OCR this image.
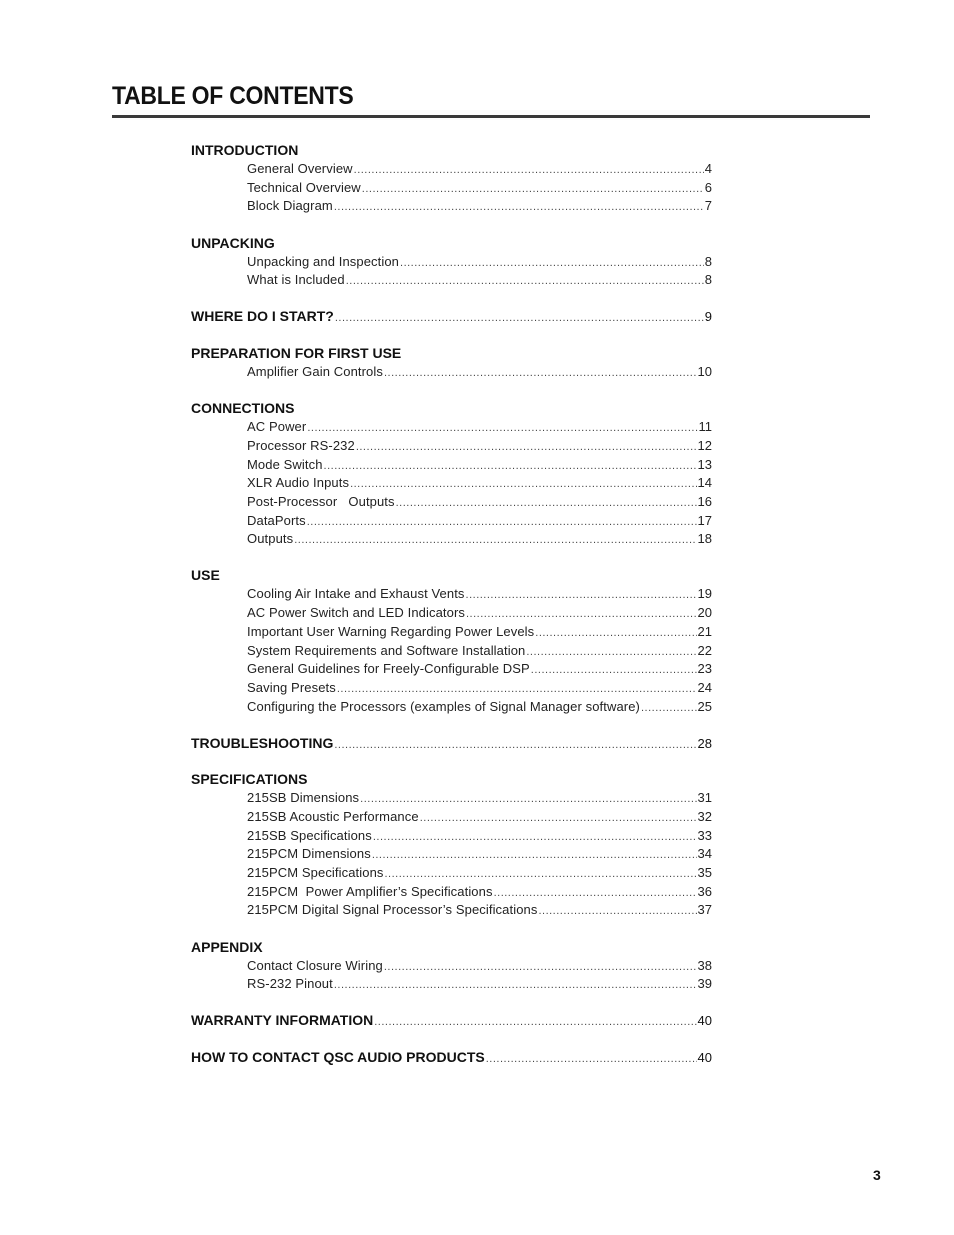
TABLE OF CONTENTS
INTRODUCTION
General Overview .....	4
Technical Overview .....	6
Block Diagram .....	7
UNPACKING
Unpacking and Inspection .....	8
What is Included .....	8
WHERE DO I START? .....	9
PREPARATION FOR FIRST USE
Amplifier Gain Controls .....	10
CONNECTIONS
AC Power .....	11
Processor RS-232 .....	12
Mode Switch .....	13
XLR Audio Inputs .....	14
Post-Processor   Outputs .....	16
DataPorts .....	17
Outputs .....	18
USE
Cooling Air Intake and Exhaust Vents .....	19
AC Power Switch and LED Indicators .....	20
Important User Warning Regarding Power Levels .....	21
System Requirements and Software Installation .....	22
General Guidelines for Freely-Configurable DSP .....	23
Saving Presets .....	24
Configuring the Processors (examples of Signal Manager software) .....	25
TROUBLESHOOTING .....	28
SPECIFICATIONS
215SB Dimensions .....	31
215SB Acoustic Performance .....	32
215SB Specifications .....	33
215PCM Dimensions .....	34
215PCM Specifications .....	35
215PCM  Power Amplifier’s Specifications .....	36
215PCM Digital Signal Processor’s Specifications .....	37
APPENDIX
Contact Closure Wiring .....	38
RS-232 Pinout .....	39
WARRANTY INFORMATION .....	40
HOW TO CONTACT QSC AUDIO PRODUCTS .....	40
3
